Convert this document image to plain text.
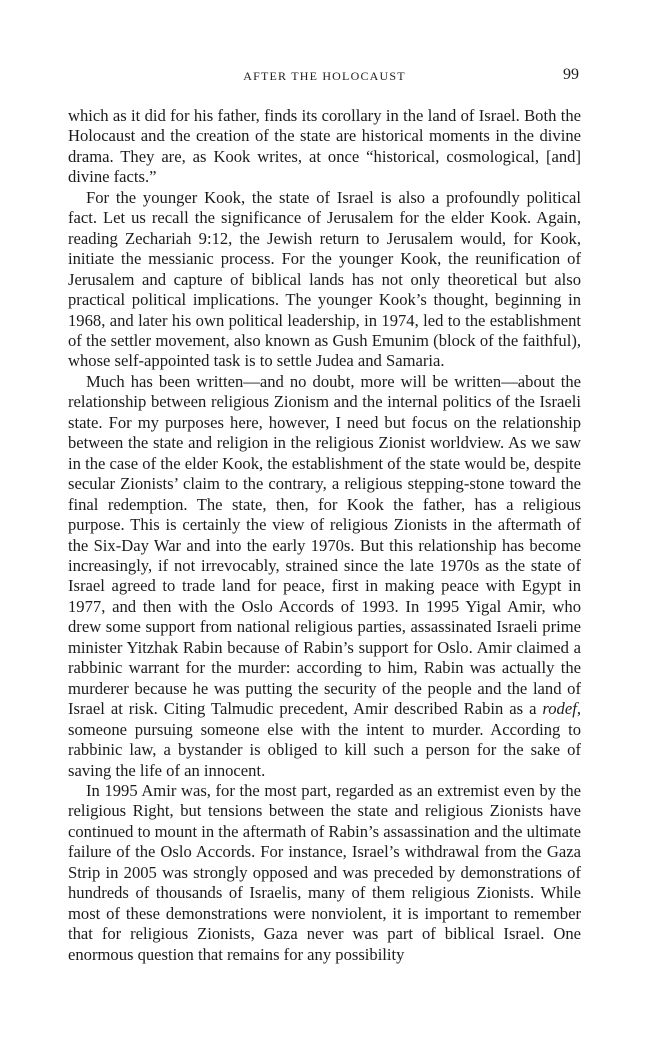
AFTER THE HOLOCAUST	99

which as it did for his father, finds its corollary in the land of Israel. Both the Holocaust and the creation of the state are historical moments in the divine drama. They are, as Kook writes, at once “historical, cosmological, [and] divine facts.”

For the younger Kook, the state of Israel is also a profoundly political fact. Let us recall the significance of Jerusalem for the elder Kook. Again, reading Zechariah 9:12, the Jewish return to Jerusalem would, for Kook, initiate the messianic process. For the younger Kook, the reunification of Jerusalem and capture of biblical lands has not only theoretical but also practical political implications. The younger Kook’s thought, beginning in 1968, and later his own political leadership, in 1974, led to the establishment of the settler movement, also known as Gush Emunim (block of the faithful), whose self-appointed task is to settle Judea and Samaria.

Much has been written—and no doubt, more will be written—about the relationship between religious Zionism and the internal politics of the Israeli state. For my purposes here, however, I need but focus on the relationship between the state and religion in the religious Zionist worldview. As we saw in the case of the elder Kook, the establishment of the state would be, despite secular Zionists’ claim to the contrary, a religious stepping-stone toward the final redemption. The state, then, for Kook the father, has a religious purpose. This is certainly the view of religious Zionists in the aftermath of the Six-Day War and into the early 1970s. But this relationship has become increasingly, if not irrevocably, strained since the late 1970s as the state of Israel agreed to trade land for peace, first in making peace with Egypt in 1977, and then with the Oslo Accords of 1993. In 1995 Yigal Amir, who drew some support from national religious parties, assassinated Israeli prime minister Yitzhak Rabin because of Rabin’s support for Oslo. Amir claimed a rabbinic warrant for the murder: according to him, Rabin was actually the murderer because he was putting the security of the people and the land of Israel at risk. Citing Talmudic precedent, Amir described Rabin as a rodef, someone pursuing someone else with the intent to murder. According to rabbinic law, a bystander is obliged to kill such a person for the sake of saving the life of an innocent.

In 1995 Amir was, for the most part, regarded as an extremist even by the religious Right, but tensions between the state and religious Zionists have continued to mount in the aftermath of Rabin’s assassination and the ultimate failure of the Oslo Accords. For instance, Israel’s withdrawal from the Gaza Strip in 2005 was strongly opposed and was preceded by demonstrations of hundreds of thousands of Israelis, many of them religious Zionists. While most of these demonstrations were nonviolent, it is important to remember that for religious Zionists, Gaza never was part of biblical Israel. One enormous question that remains for any possibility
